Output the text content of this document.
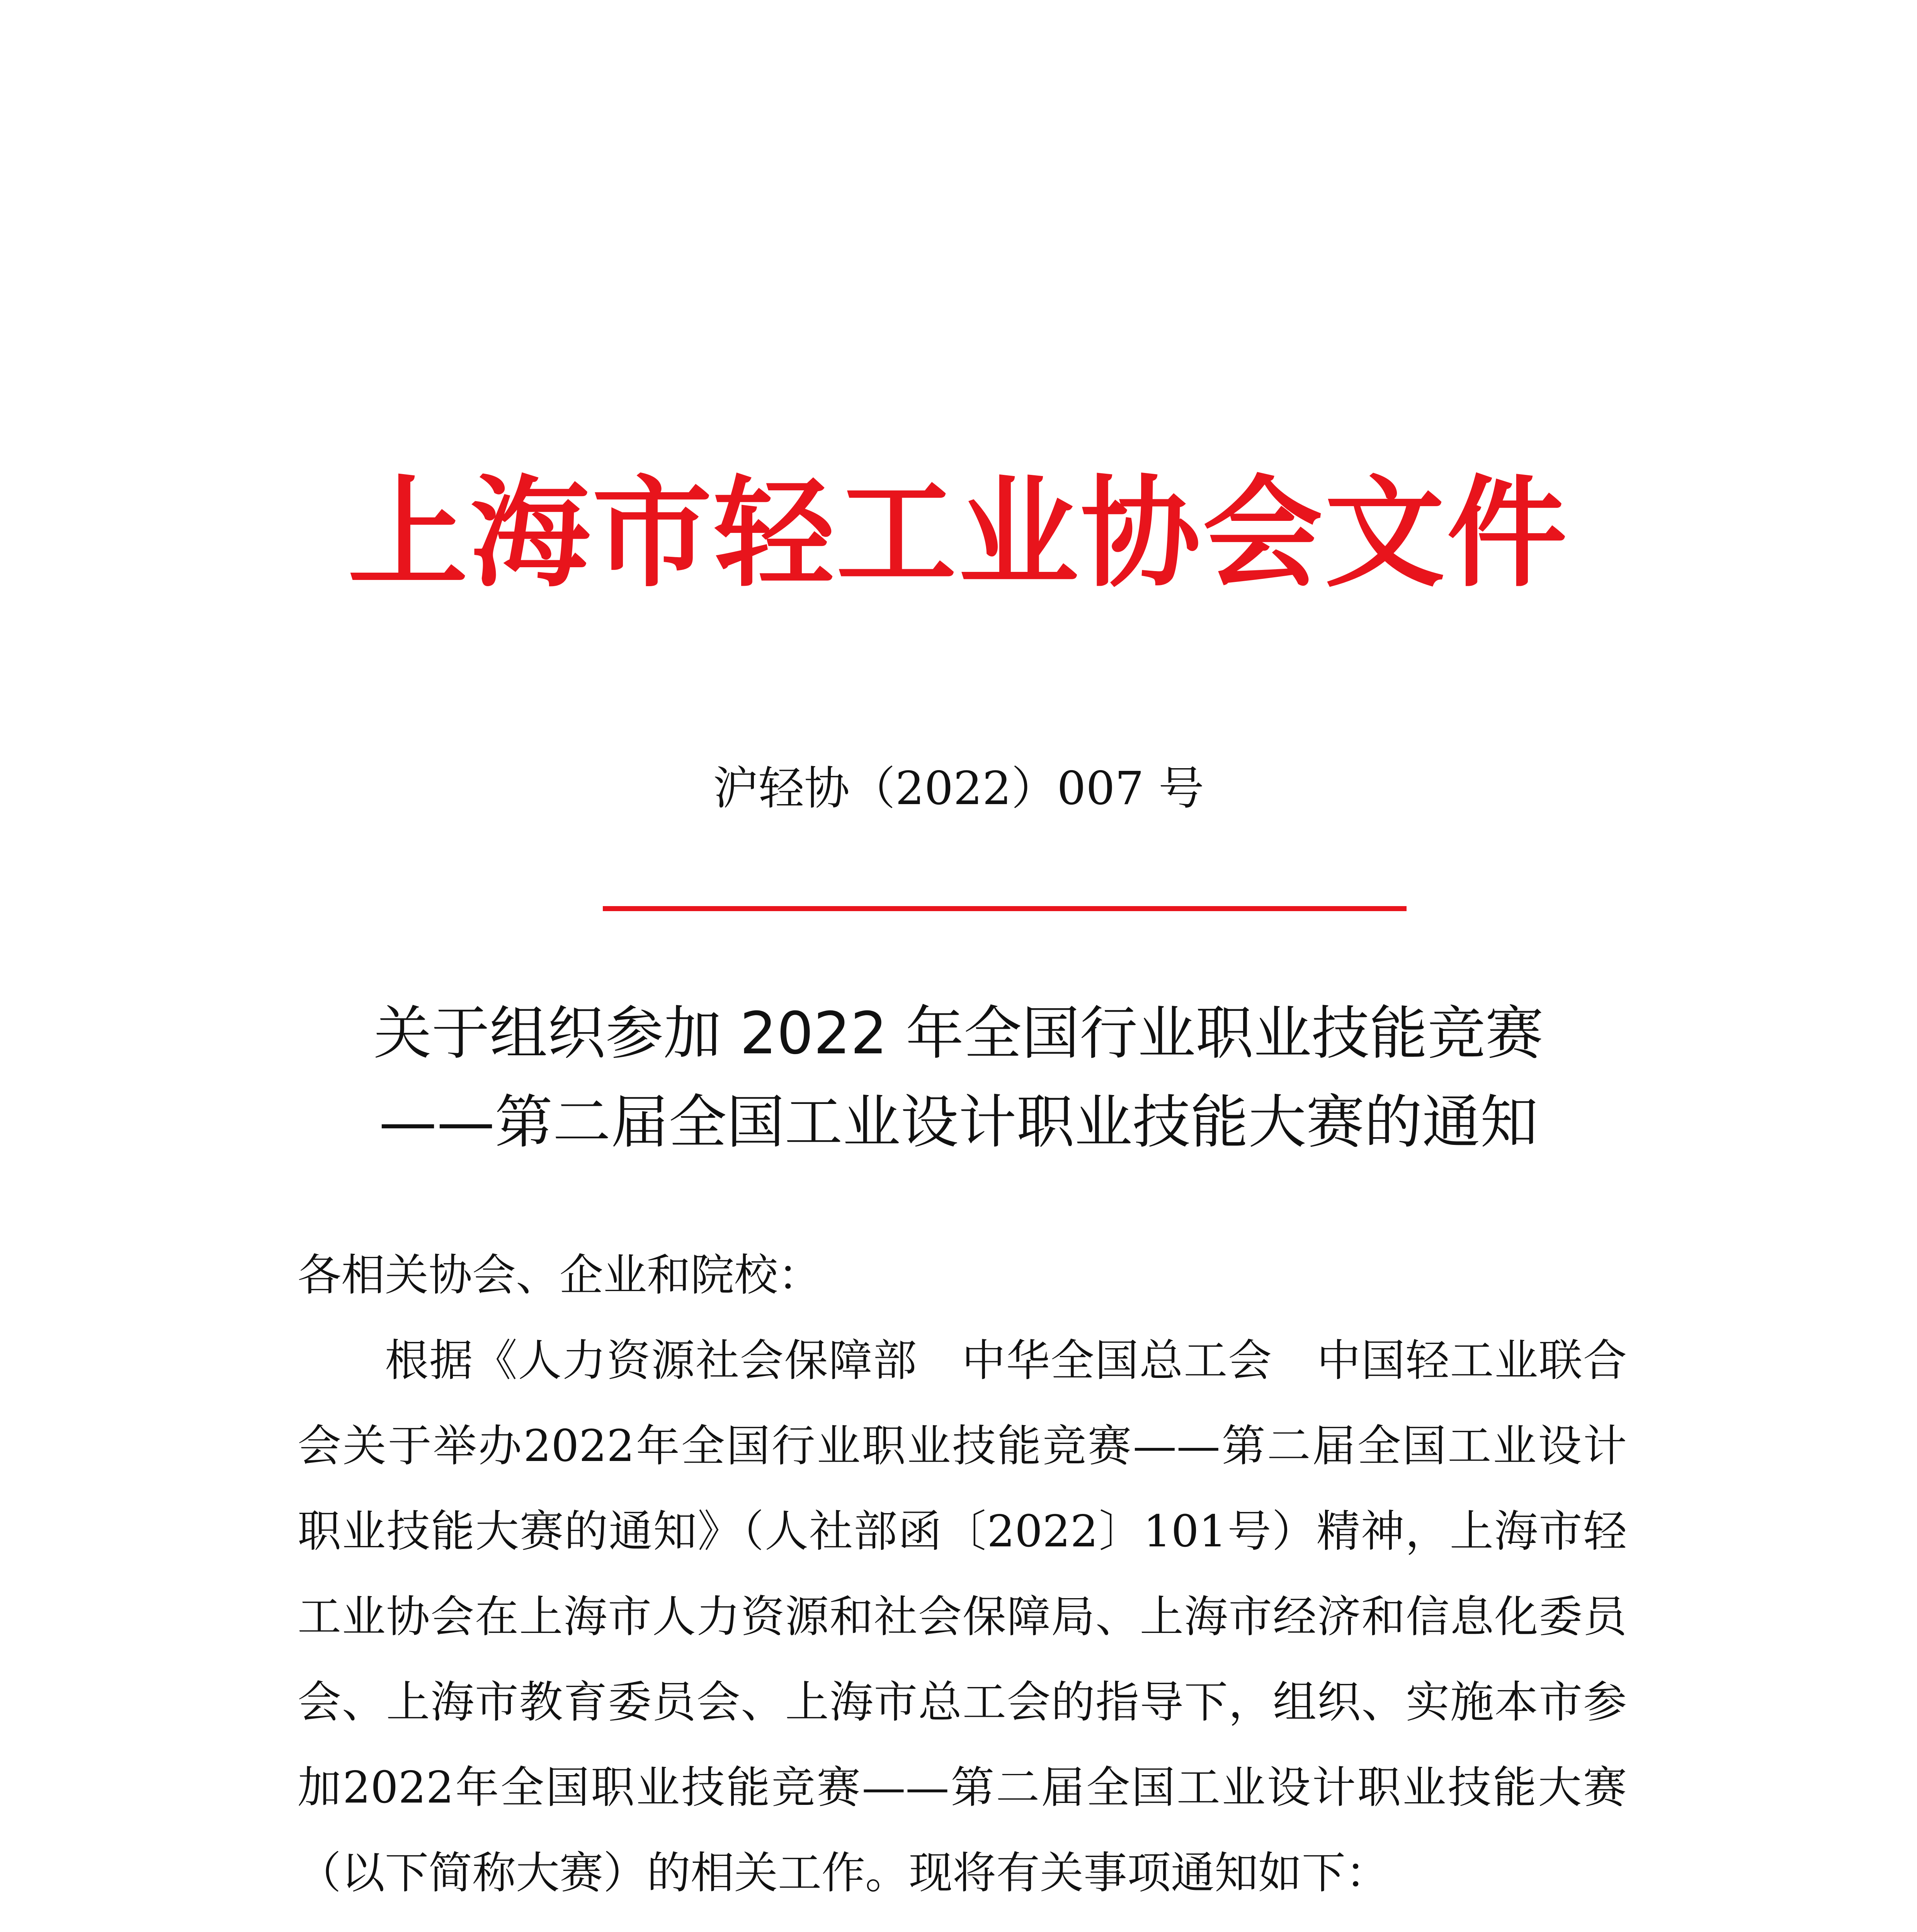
上海市轻工业协会文件
沪轻协（2022）007 号
关于组织参加 2022 年全国行业职业技能竞赛
——第二届全国工业设计职业技能大赛的通知

各相关协会、企业和院校：

根据《人力资源社会保障部　中华全国总工会　中国轻工业联合会关于举办2022年全国行业职业技能竞赛——第二届全国工业设计职业技能大赛的通知》（人社部函〔2022〕101号）精神，上海市轻工业协会在上海市人力资源和社会保障局、上海市经济和信息化委员会、上海市教育委员会、上海市总工会的指导下，组织、实施本市参加2022年全国职业技能竞赛——第二届全国工业设计职业技能大赛（以下简称大赛）的相关工作。现将有关事项通知如下：
